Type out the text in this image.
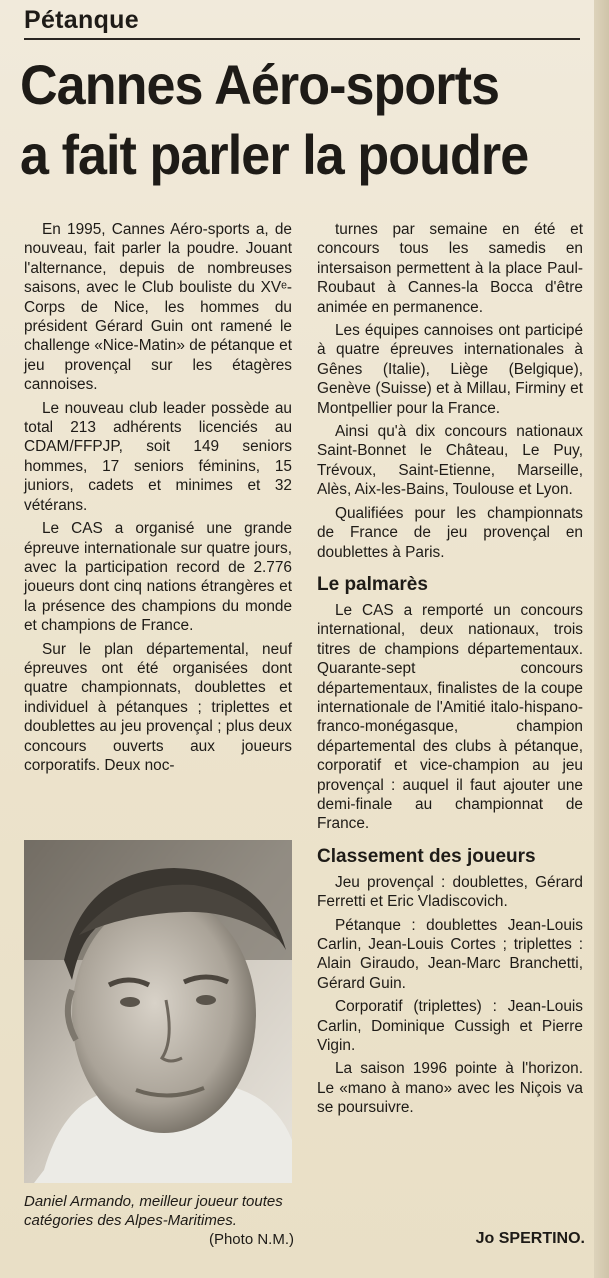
Pétanque
Cannes Aéro-sports
a fait parler la poudre

En 1995, Cannes Aéro-sports a, de nouveau, fait parler la poudre. Jouant l'alternance, depuis de nombreuses saisons, avec le Club bouliste du XVᵉ-Corps de Nice, les hommes du président Gérard Guin ont ramené le challenge «Nice-Matin» de pétanque et jeu provençal sur les étagères cannoises.

Le nouveau club leader possède au total 213 adhérents licenciés au CDAM/FFPJP, soit 149 seniors hommes, 17 seniors féminins, 15 juniors, cadets et minimes et 32 vétérans.

Le CAS a organisé une grande épreuve internationale sur quatre jours, avec la participation record de 2.776 joueurs dont cinq nations étrangères et la présence des champions du monde et champions de France.

Sur le plan départemental, neuf épreuves ont été organisées dont quatre championnats, doublettes et individuel à pétanques ; triplettes et doublettes au jeu provençal ; plus deux concours ouverts aux joueurs corporatifs. Deux noc-

Daniel Armando, meilleur joueur toutes catégories des Alpes-Maritimes.
(Photo N.M.)

turnes par semaine en été et concours tous les samedis en intersaison permettent à la place Paul-Roubaut à Cannes-la Bocca d'être animée en permanence.

Les équipes cannoises ont participé à quatre épreuves internationales à Gênes (Italie), Liège (Belgique), Genève (Suisse) et à Millau, Firminy et Montpellier pour la France.

Ainsi qu'à dix concours nationaux Saint-Bonnet le Château, Le Puy, Trévoux, Saint-Etienne, Marseille, Alès, Aix-les-Bains, Toulouse et Lyon.

Qualifiées pour les championnats de France de jeu provençal en doublettes à Paris.

Le palmarès

Le CAS a remporté un concours international, deux nationaux, trois titres de champions départementaux. Quarante-sept concours départementaux, finalistes de la coupe internationale de l'Amitié italo-hispano-franco-monégasque, champion départemental des clubs à pétanque, corporatif et vice-champion au jeu provençal : auquel il faut ajouter une demi-finale au championnat de France.

Classement des joueurs

Jeu provençal : doublettes, Gérard Ferretti et Eric Vladiscovich.

Pétanque : doublettes Jean-Louis Carlin, Jean-Louis Cortes ; triplettes : Alain Giraudo, Jean-Marc Branchetti, Gérard Guin.

Corporatif (triplettes) : Jean-Louis Carlin, Dominique Cussigh et Pierre Vigin.

La saison 1996 pointe à l'horizon. Le «mano à mano» avec les Niçois va se poursuivre.

Jo SPERTINO.
